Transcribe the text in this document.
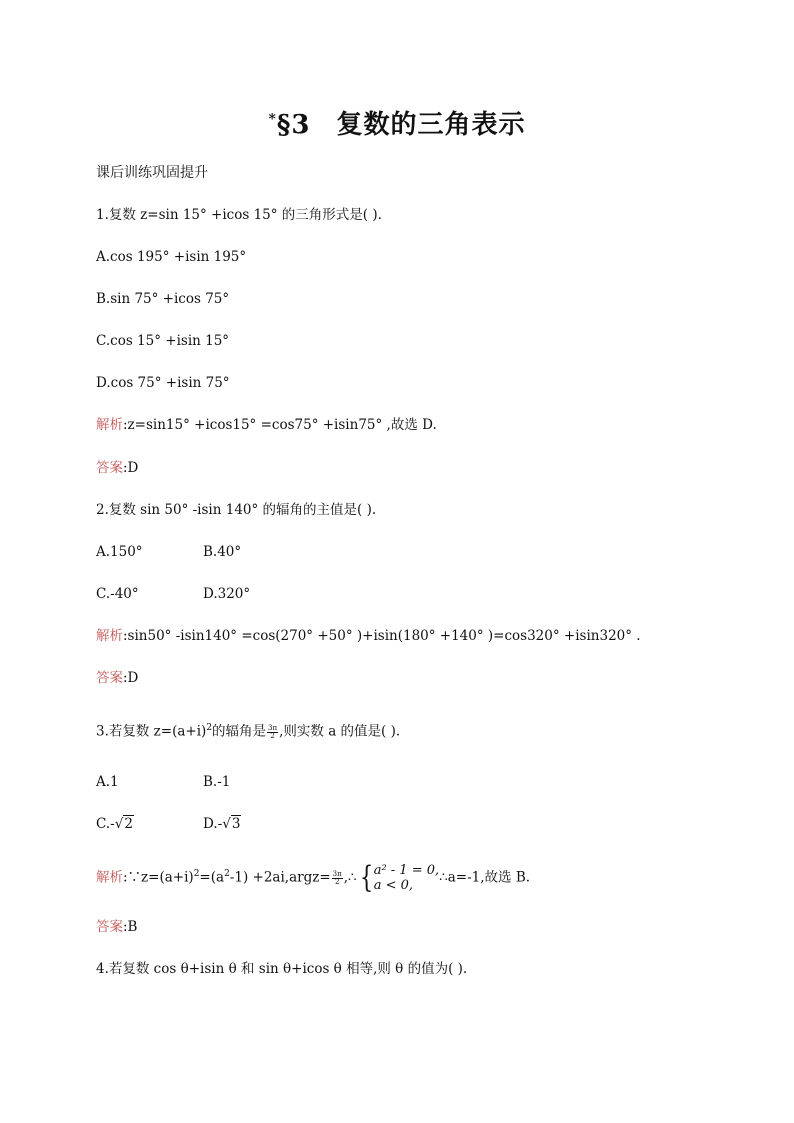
*§3 复数的三角表示
课后训练巩固提升
1.复数 z=sin 15° +icos 15° 的三角形式是( ).
A.cos 195° +isin 195°
B.sin 75° +icos 75°
C.cos 15° +isin 15°
D.cos 75° +isin 75°
解析:z=sin15° +icos15° =cos75° +isin75° ,故选 D.
答案:D
2.复数 sin 50° -isin 140° 的辐角的主值是( ).
A.150°	B.40°
C.-40°	D.320°
解析:sin50° -isin140° =cos(270° +50° )+isin(180° +140° )=cos320° +isin320° .
答案:D
3.若复数 $z=(a+i)^2$的辐角是 $\frac{3\pi}{2}$ ,则实数 a 的值是( ).
A.1	B.-1
C.-√2	D.-√3
解析$:\because z=(a+i)^2=(a^2-1)$ +2ai,argz= $\frac{3\pi}{2}$ ,∴{ a² - 1 = 0,
a < 0,	∴a=-1,故选 B.
答案:B
4.若复数 cos θ+isin θ 和 sin θ+icos θ 相等,则 θ 的值为( ).
